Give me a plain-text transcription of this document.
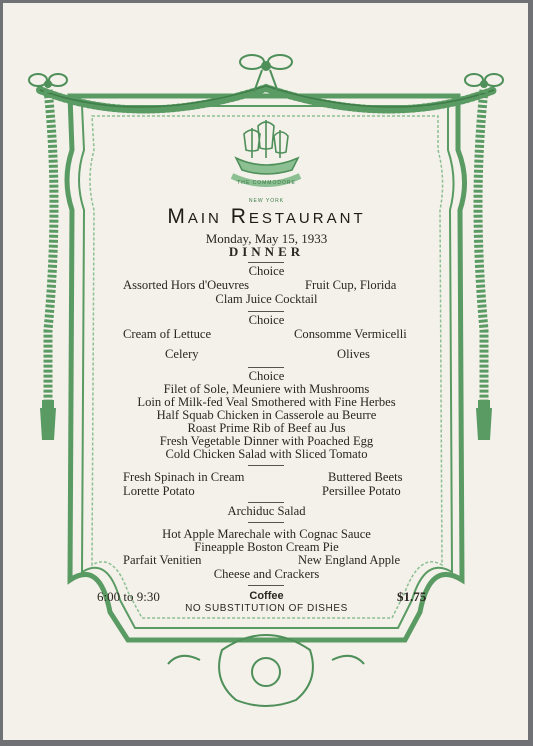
THE COMMODORE
NEW YORK
Main Restaurant
Monday, May 15, 1933
DINNER
Choice
Assorted Hors d'Oeuvres	Fruit Cup, Florida
Clam Juice Cocktail
Choice
Cream of Lettuce	Consomme Vermicelli
Celery	Olives
Choice
Filet of Sole, Meuniere with Mushrooms
Loin of Milk-fed Veal Smothered with Fine Herbes
Half Squab Chicken in Casserole au Beurre
Roast Prime Rib of Beef au Jus
Fresh Vegetable Dinner with Poached Egg
Cold Chicken Salad with Sliced Tomato
Fresh Spinach in Cream	Buttered Beets
Lorette Potato	Persillee Potato
Archiduc Salad
Hot Apple Marechale with Cognac Sauce
Fineapple Boston Cream Pie
Parfait Venitien	New England Apple
Cheese and Crackers
6:00 to 9:30	Coffee	$1.75
NO SUBSTITUTION OF DISHES
